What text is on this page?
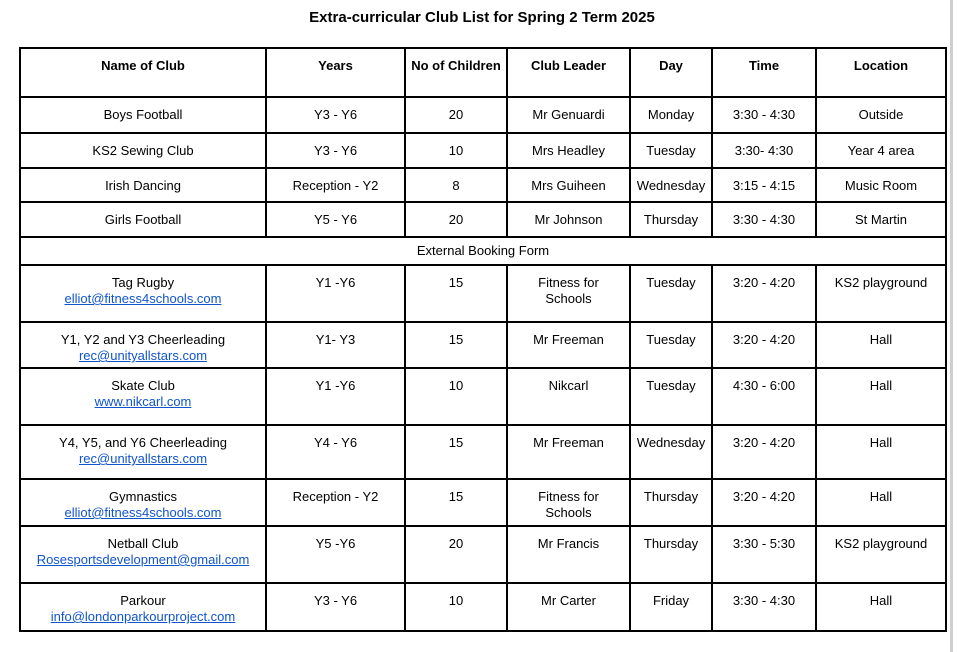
Extra-curricular Club List for Spring 2 Term 2025
Name of Club	Years	No of Children	Club Leader	Day	Time	Location
Boys Football	Y3 - Y6	20	Mr Genuardi	Monday	3:30 - 4:30	Outside
KS2 Sewing Club	Y3 - Y6	10	Mrs Headley	Tuesday	3:30- 4:30	Year 4 area
Irish Dancing	Reception - Y2	8	Mrs Guiheen	Wednesday	3:15 - 4:15	Music Room
Girls Football	Y5 - Y6	20	Mr Johnson	Thursday	3:30 - 4:30	St Martin
External Booking Form						

Tag Rugby
elliot@fitness4schools.com	Y1 -Y6	15	Fitness for Schools	Tuesday	3:20 - 4:20	KS2 playground

Y1, Y2 and Y3 Cheerleading
rec@unityallstars.com	Y1- Y3	15	Mr Freeman	Tuesday	3:20 - 4:20	Hall

Skate Club
www.nikcarl.com	Y1 -Y6	10	Nikcarl	Tuesday	4:30 - 6:00	Hall

Y4, Y5, and Y6 Cheerleading
rec@unityallstars.com	Y4 - Y6	15	Mr Freeman	Wednesday	3:20 - 4:20	Hall

Gymnastics
elliot@fitness4schools.com	Reception - Y2	15	Fitness for Schools	Thursday	3:20 - 4:20	Hall

Netball Club
Rosesportsdevelopment@gmail.com	Y5 -Y6	20	Mr Francis	Thursday	3:30 - 5:30	KS2 playground

Parkour
info@londonparkourproject.com	Y3 - Y6	10	Mr Carter	Friday	3:30 - 4:30	Hall
